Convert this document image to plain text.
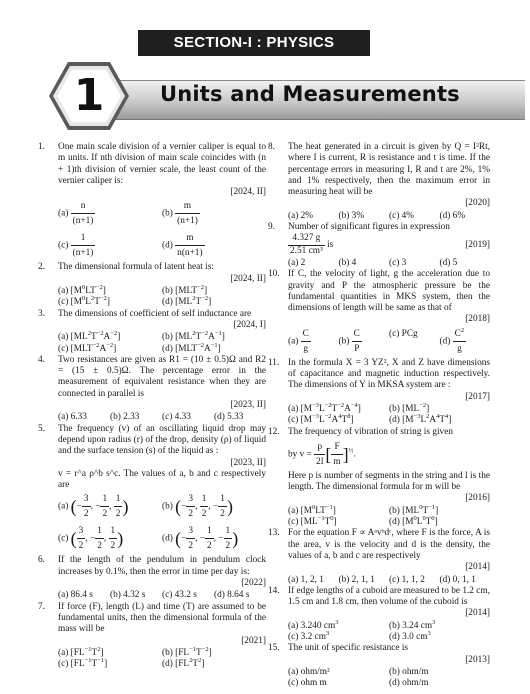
SECTION-I : PHYSICS
1	Units and Measurements
1. One main scale division of a vernier caliper is equal to m units. If nth division of main scale coincides with (n + 1)th division of vernier scale, the least count of the vernier caliper is:
[2024, II]
$(a) \frac{n}{(n+1)}$	$(b) \frac{m}{(n+1)}$
$(c) \frac{1}{(n+1)}$	$(d) \frac{m}{n(n+1)}$
2. The dimensional formula of latent heat is:
[2024, II]
(a) $[M^0LT^{-2}]$	(b) $[MLT^{-2}]$
(c) $[M^0L^2T^{-2}]$	(d) $[ML^2T^{-2}]$
3. The dimensions of coefficient of self inductance are
[2024, I]
(a) $[ML^2T^{-2}A^{-2}]$	(b) $[ML^2T^{-2}A^{-1}]$
(c) $[MLT^{-2}A^{-2}]$	(d) $[MLT^{-2}A^{-1}]$
4. Two resistances are given as R1 = (10 ± 0.5)Ω and R2 = (15 ± 0.5)Ω. The percentage error in the measurement of equivalent resistance when they are connected in parallel is
[2023, II]
(a) 6.33	(b) 2.33	(c) 4.33	(d) 5.33
5. The frequency (v) of an oscillating liquid drop may depend upon radius (r) of the drop, density (ρ) of liquid and the surface tension (s) of the liquid as :
[2023, II]
v = r^a ρ^b s^c. The values of a, b and c respectively are
(a) (− $\frac{3}{2}$ , − $\frac{1}{2}$ , $\frac{1}{2}$ )	(b) (− $\frac{3}{2}$ , $\frac{1}{2}$ , − $\frac{1}{2}$ )
(c) ( $\frac{3}{2}$ , − $\frac{1}{2}$ , $\frac{1}{2}$ )	(d) (− $\frac{3}{2}$ , − $\frac{1}{2}$ , − $\frac{1}{2}$ )
6. If the length of the pendulum in pendulum clock increases by 0.1%, then the error in time per day is:
[2022]
(a) 86.4 s	(b) 4.32 s	(c) 43.2 s	(d) 8.64 s
7. If force (F), length (L) and time (T) are assumed to be fundamental units, then the dimensional formula of the mass will be
[2021]
(a) $[FL^{-1}T^2]$	(b) $[FL^{-1}T^{-2}]$
(c) $[FL^{-1}T^{-1}]$	(d) $[FL^2T^2]$
8. The heat generated in a circuit is given by Q = I²Rt, where I is current, R is resistance and t is time. If the percentage errors in measuring I, R and t are 2%, 1% and 1% respectively, then the maximum error in measuring heat will be
[2020]
(a) 2%	(b) 3%	(c) 4%	(d) 6%
9. Number of significant figures in expression
$\frac{4.327 g}{\text{2.51 cm³}}$ is	[2019]
(a) 2	(b) 4	(c) 3	(d) 5
10. If C, the velocity of light, g the acceleration due to gravity and P the atmospheric pressure be the fundamental quantities in MKS system, then the dimensions of length will be same as that of
[2018]
$(a) \frac{C}{g}$	$(b) \frac{C}{P}$	(c) PCg
$(d) \frac{C^2}{g}$
11. In the formula X = 3 YZ², X and Z have dimensions of capacitance and magnetic induction respectively. The dimensions of Y in MKSA system are :
[2017]
(a) $[M^{-3}L^{-2}T^{-2}A^{-4}]$	(b) $[ML^{-2}]$
(c) $[M^{-3}L^{-2}A^4T^8]$	(d) $[M^{-3}L^2A^4T^4]$
12. The frequency of vibration of string is given
by $v = \frac{p}{2l}$ [ $\frac{F}{m} ]^{\frac{1}{2}}$.
Here p is number of segments in the string and l is the length. The dimensional formula for m will be
[2016]
(a) $[M^0LT^{-1}]$	(b) $[ML^0T^{-1}]$
(c) $[ML^{-1}T^0]$	(d) $[M^0L^0T^0]$
13. For the equation F ∝ Aᵃvᵇdᶜ, where F is the force, A is the area, v is the velocity and d is the density, the values of a, b and c are respectively
[2014]
(a) 1, 2, 1	(b) 2, 1, 1	(c) 1, 1, 2	(d) 0, 1, 1
14. If edge lengths of a cuboid are measured to be 1.2 cm, 1.5 cm and 1.8 cm, then volume of the cuboid is
[2014]
(a) 3.240 $cm^3$	(b) 3.24 $cm^3$
(c) 3.2 $cm^3$	(d) 3.0 $cm^3$
15. The unit of specific resistance is
[2013]
(a) ohm/m²	(b) ohm/m
(c) ohm m	(d) ohm/m
